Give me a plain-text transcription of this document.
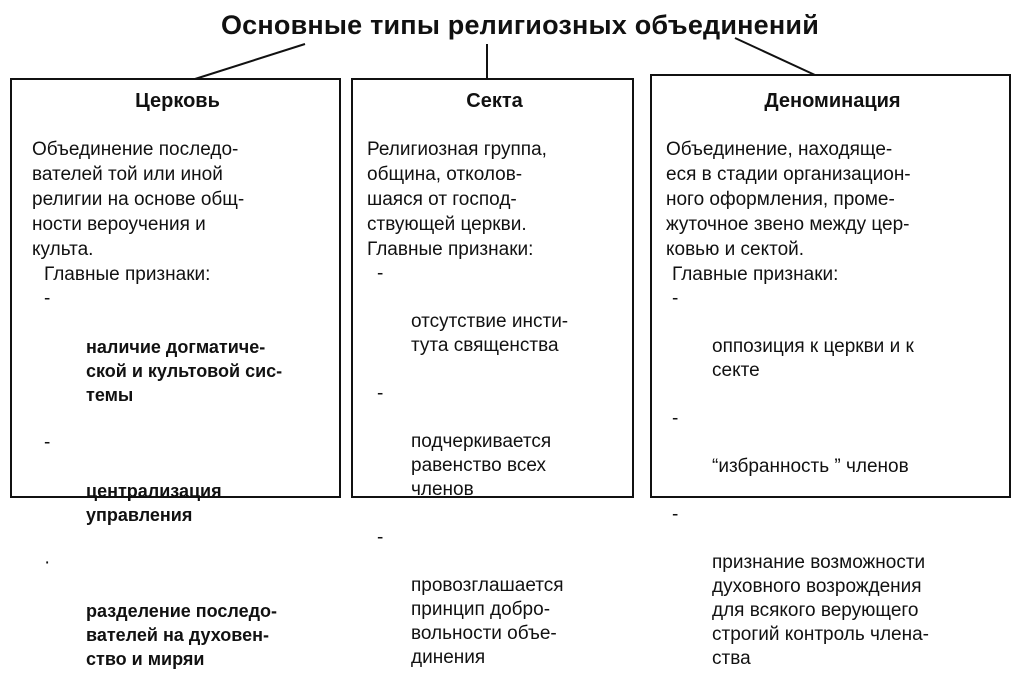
Основные типы религиозных объединений
Церковь

Объединение последо-
вателей той или иной
религии на основе общ-
ности вероучения и
культа.

Главные признаки:

-

наличие догматиче-
ской и культовой сис-
темы

-

централизация
управления

·

разделение последо-
вателей на духовен-
ство и миряи

Секта

Религиозная группа,
община, отколов-
шаяся от господ-
ствующей церкви.

Главные признаки:

-

отсутствие инсти-
тута священства

-

подчеркивается
равенство всех
членов

-

провозглашается
принцип добро-
вольности объе-
динения

Деноминация

Объединение, находяще-
еся в стадии организацион-
ного оформления, проме-
жуточное звено между цер-
ковью и сектой.

Главные признаки:

-

оппозиция к церкви и к
секте

-

“избранность ” членов

-

признание возможности
духовного возрождения
для всякого верующего
строгий контроль члена-
ства
